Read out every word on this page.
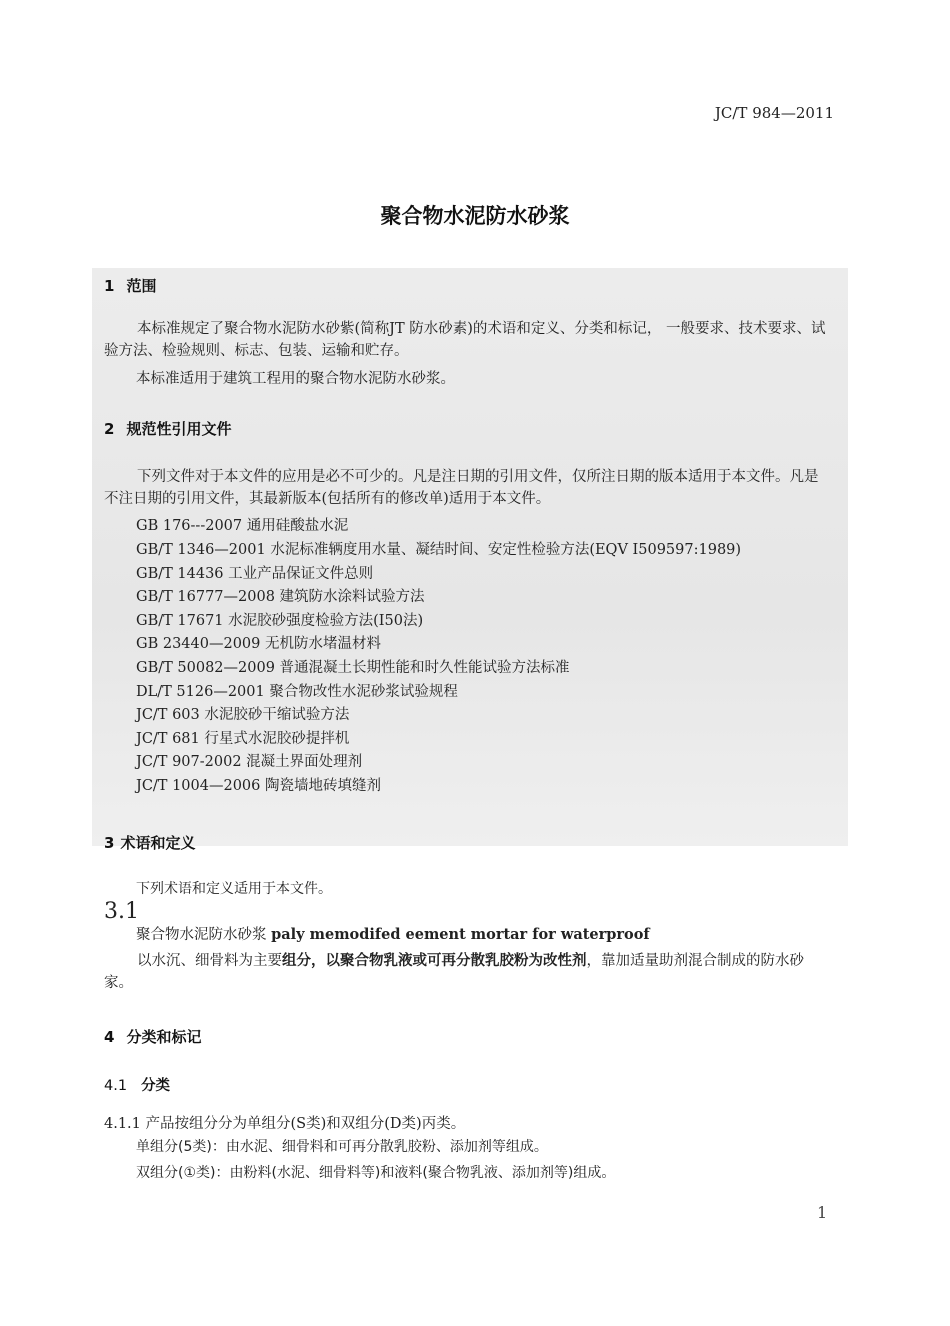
JC/T 984—2011
聚合物水泥防水砂浆
1 范围
本标准规定了聚合物水泥防水砂紫(简称JT 防水砂素)的术语和定义、分类和标记， 一般要求、技术要求、试验方法、检验规则、标志、包装、运输和贮存。
本标准适用于建筑工程用的聚合物水泥防水砂浆。
2 规范性引用文件
下列文件对于本文件的应用是必不可少的。凡是注日期的引用文件，仅所注日期的版本适用于本文件。凡是不注日期的引用文件，其最新版本(包括所有的修改单)适用于本文件。
GB 176-‐-2007 通用硅酸盐水泥
GB/T 1346—2001 水泥标准辆度用水量、凝结时间、安定性检验方法(EQV I509597:1989)
GB/T 14436 工业产品保证文件总则
GB/T 16777—2008 建筑防水涂料试验方法
GB/T 17671 水泥胶砂强度检验方法(I50法)
GB 23440—2009 无机防水堵温材料
GB/T 50082—2009 普通混凝土长期性能和时久性能试验方法标准
DL/T 5126—2001 聚合物改性水泥砂浆试验规程
JC/T 603 水泥胶砂干缩试验方法
JC/T 681 行星式水泥胶砂提拌机
JC/T 907-2002 混凝土界面处理剂
JC/T 1004—2006 陶瓷墙地砖填缝剂
3 术语和定义
下列术语和定义适用于本文件。
3.1
聚合物水泥防水砂浆 paly memodifed eement mortar for waterproof
以水沉、细骨料为主要组分，以聚合物乳液或可再分散乳胶粉为改性剂，靠加适量助剂混合制成的防水砂家。
4 分类和标记
4.1 分类
4.1.1 产品按组分分为单组分(S类)和双组分(D类)丙类。
单组分(5类)：由水泥、细骨料和可再分散乳胶粉、添加剂等组成。
双组分(①类)：由粉料(水泥、细骨料等)和液料(聚合物乳液、添加剂等)组成。
1
